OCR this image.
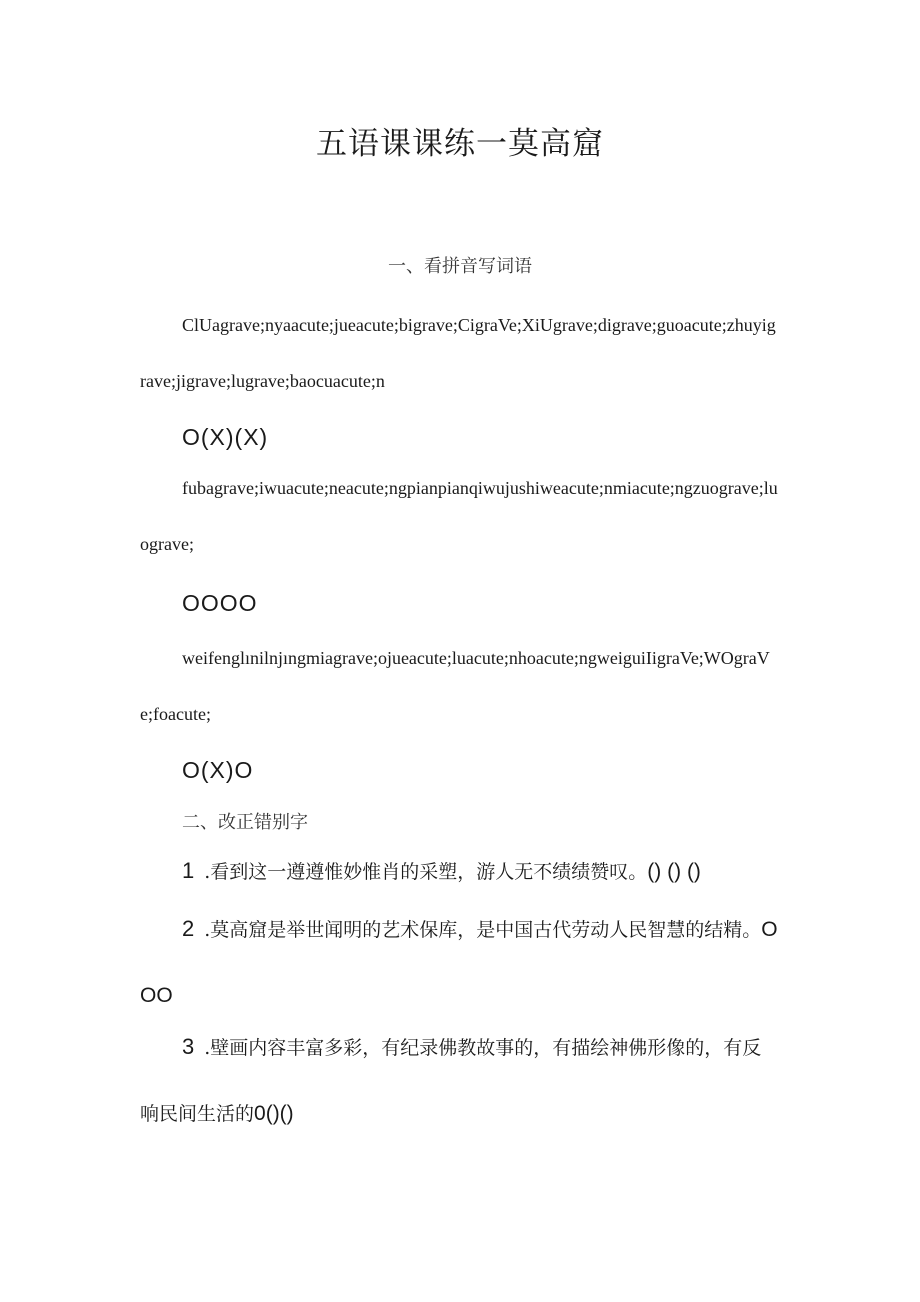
五语课课练一莫高窟
一、看拼音写词语
ClUagrave;nyaacute;jueacute;bigrave;CigraVe;XiUgrave;digrave;guoacute;zhuyigrave;jigrave;lugrave;baocuacute;n
O(X)(X)
fubagrave;iwuacute;neacute;ngpianpianqiwujushiweacute;nmiacute;ngzuograve;luograve;
OOOO
weifenglınilnjıngmiagrave;ojueacute;luacute;nhoacute;ngweiguiIigraVe;WOgraVe;foacute;
O(X)O
二、改正错别字
1 .看到这一遵遵惟妙惟肖的采塑，游人无不绩绩赞叹。() () ()
2 .莫高窟是举世闻明的艺术保库，是中国古代劳动人民智慧的结精。OOO
3 .壁画内容丰富多彩，有纪录佛教故事的，有描绘神佛形像的，有反响民间生活的0()()
